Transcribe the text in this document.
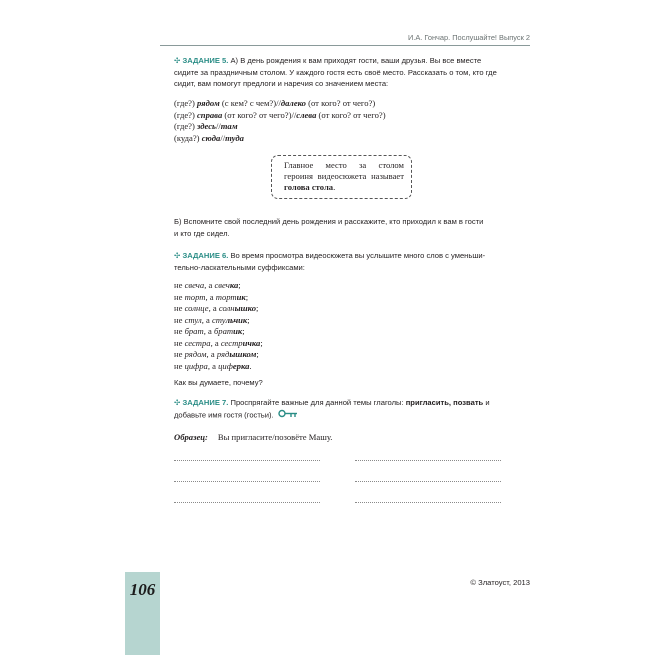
И.А. Гончар. Послушайте! Выпуск 2
✣ ЗАДАНИЕ 5. А) В день рождения к вам приходят гости, ваши друзья. Вы все вместе
сидите за праздничным столом. У каждого гостя есть своё место. Рассказать о том, кто где
сидит, вам помогут предлоги и наречия со значением места:
(где?) рядом (с кем? с чем?)//далеко (от кого? от чего?)
(где?) справа (от кого? от чего?)//слева (от кого? от чего?)
(где?) здесь//там
(куда?) сюда//туда
Главное место за столом героиня видеосюжета называет голова стола.
Б) Вспомните свой последний день рождения и расскажите, кто приходил к вам в гости
и кто где сидел.
✣ ЗАДАНИЕ 6. Во время просмотра видеосюжета вы услышите много слов с уменьши-
тельно-ласкательными суффиксами:
не свеча, а свечка;
не торт, а тортик;
не солнце, а солнышко;
не стул, а стульчик;
не брат, а братик;
не сестра, а сестричка;
не рядом, а рядышком;
не цифра, а циферка.
Как вы думаете, почему?
✣ ЗАДАНИЕ 7. Проспрягайте важные для данной темы глаголы: пригласить, позвать и
добавьте имя гостя (гостьи).
Образец: Вы пригласите/позовёте Машу.
106	© Златоуст, 2013
